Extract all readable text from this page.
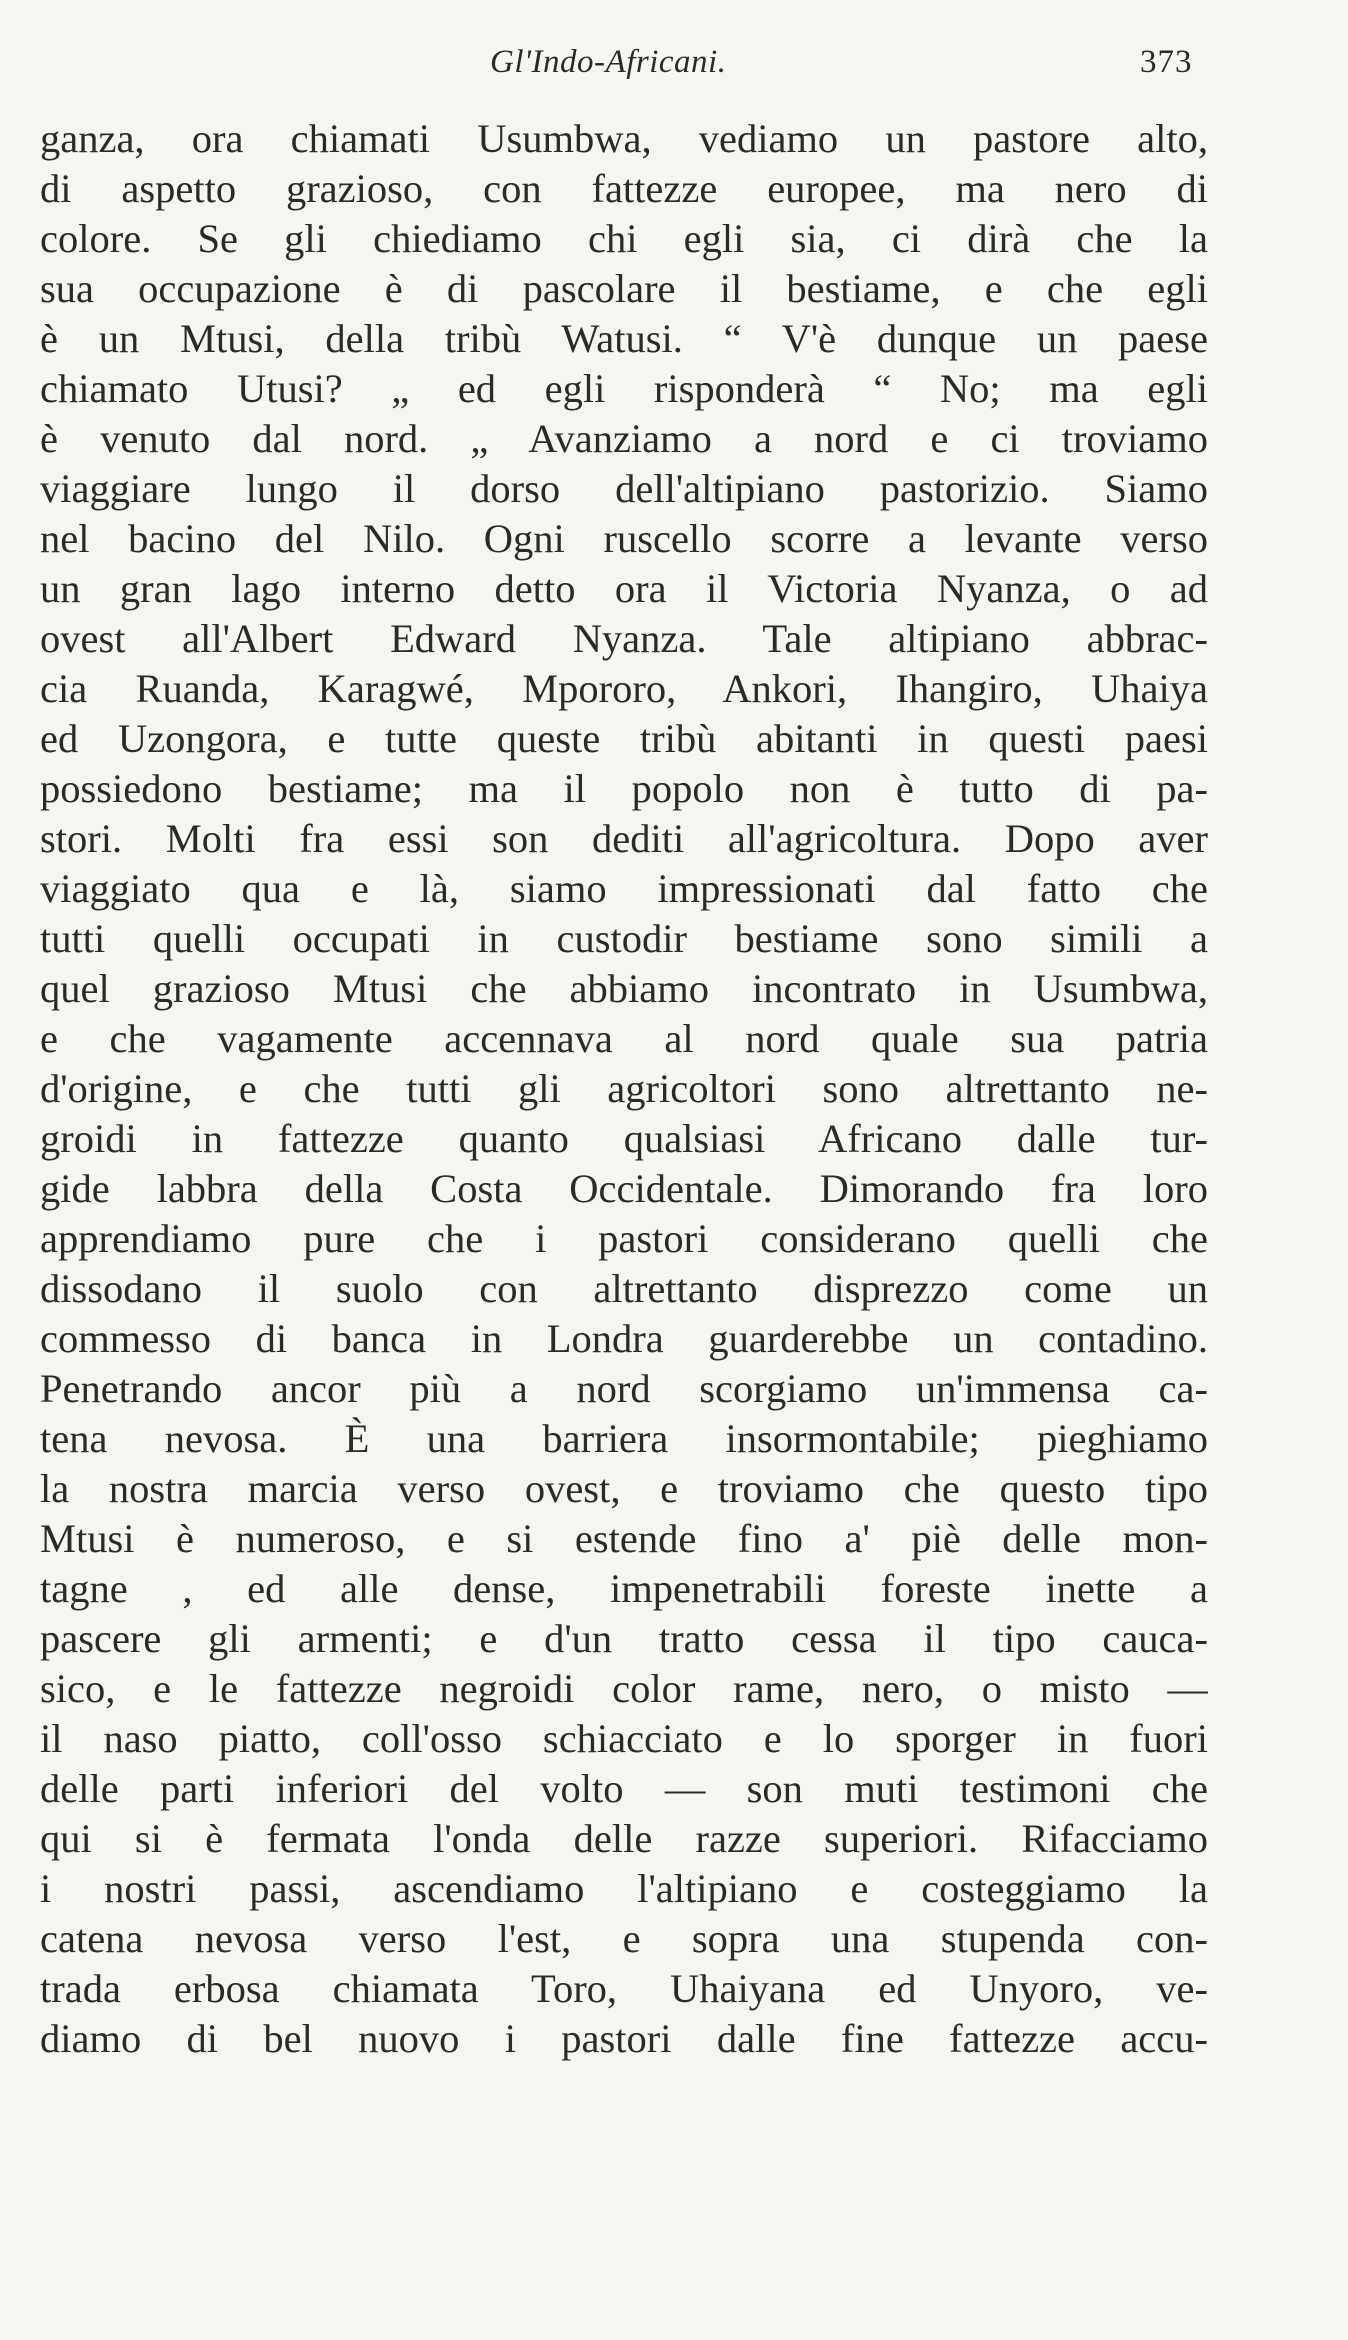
Gl'Indo-Africani.	373
ganza, ora chiamati Usumbwa, vediamo un pastore alto,
di aspetto grazioso, con fattezze europee, ma nero di
colore. Se gli chiediamo chi egli sia, ci dirà che la
sua occupazione è di pascolare il bestiame, e che egli
è un Mtusi, della tribù Watusi. “ V'è dunque un paese
chiamato Utusi? „ ed egli risponderà “ No; ma egli
è venuto dal nord. „ Avanziamo a nord e ci troviamo
viaggiare lungo il dorso dell'altipiano pastorizio. Siamo
nel bacino del Nilo. Ogni ruscello scorre a levante verso
un gran lago interno detto ora il Victoria Nyanza, o ad
ovest all'Albert Edward Nyanza. Tale altipiano abbrac-
cia Ruanda, Karagwé, Mpororo, Ankori, Ihangiro, Uhaiya
ed Uzongora, e tutte queste tribù abitanti in questi paesi
possiedono bestiame; ma il popolo non è tutto di pa-
stori. Molti fra essi son dediti all'agricoltura. Dopo aver
viaggiato qua e là, siamo impressionati dal fatto che
tutti quelli occupati in custodir bestiame sono simili a
quel grazioso Mtusi che abbiamo incontrato in Usumbwa,
e che vagamente accennava al nord quale sua patria
d'origine, e che tutti gli agricoltori sono altrettanto ne-
groidi in fattezze quanto qualsiasi Africano dalle tur-
gide labbra della Costa Occidentale. Dimorando fra loro
apprendiamo pure che i pastori considerano quelli che
dissodano il suolo con altrettanto disprezzo come un
commesso di banca in Londra guarderebbe un contadino.
Penetrando ancor più a nord scorgiamo un'immensa ca-
tena nevosa. È una barriera insormontabile; pieghiamo
la nostra marcia verso ovest, e troviamo che questo tipo
Mtusi è numeroso, e si estende fino a' piè delle mon-
tagne , ed alle dense, impenetrabili foreste inette a
pascere gli armenti; e d'un tratto cessa il tipo cauca-
sico, e le fattezze negroidi color rame, nero, o misto —
il naso piatto, coll'osso schiacciato e lo sporger in fuori
delle parti inferiori del volto — son muti testimoni che
qui si è fermata l'onda delle razze superiori. Rifacciamo
i nostri passi, ascendiamo l'altipiano e costeggiamo la
catena nevosa verso l'est, e sopra una stupenda con-
trada erbosa chiamata Toro, Uhaiyana ed Unyoro, ve-
diamo di bel nuovo i pastori dalle fine fattezze accu-
